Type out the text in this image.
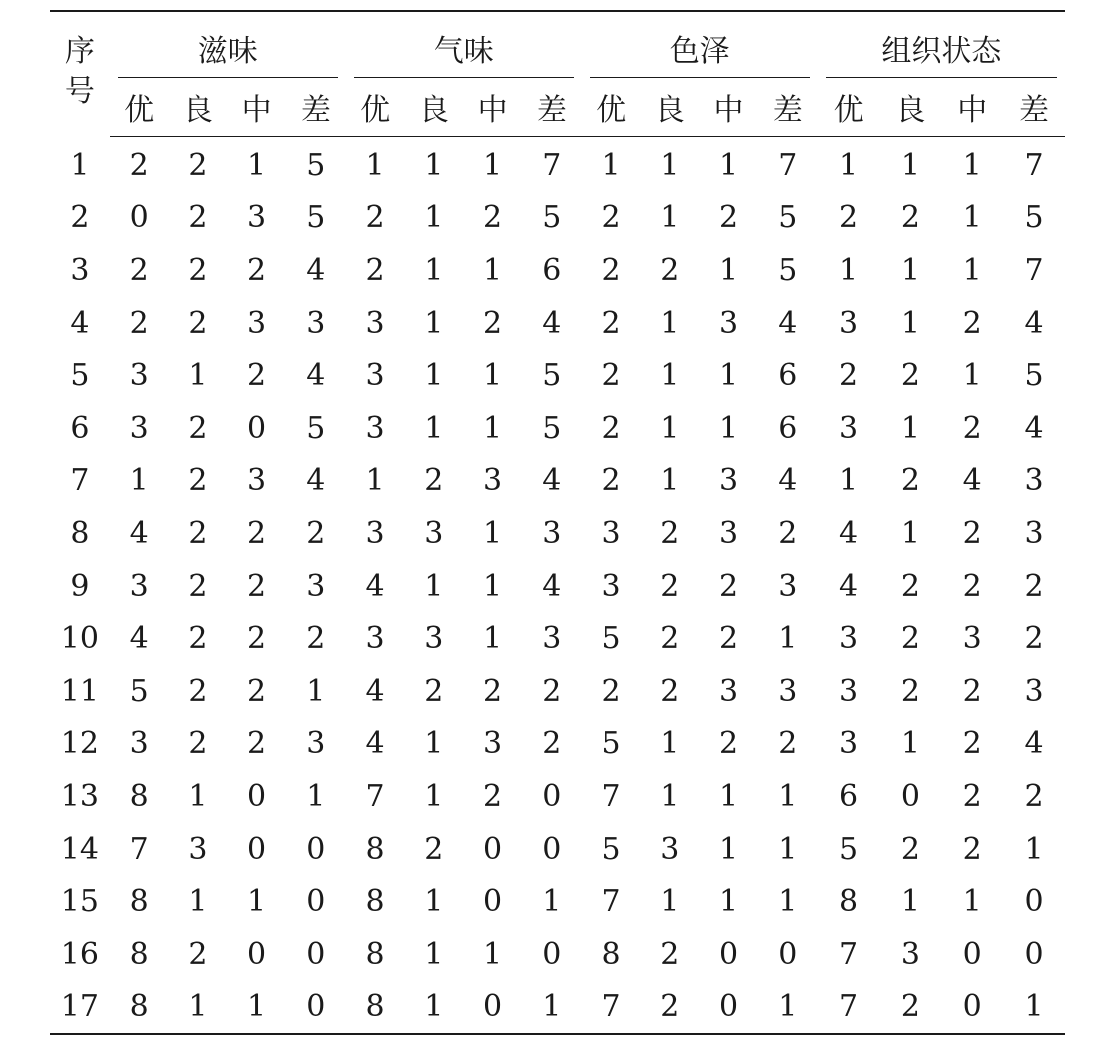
序
号	滋味				气味				色泽				组织状态			

	优	良	中	差	优	良	中	差	优	良	中	差	优	良	中	差
1	2	2	1	5	1	1	1	7	1	1	1	7	1	1	1	7
2	0	2	3	5	2	1	2	5	2	1	2	5	2	2	1	5
3	2	2	2	4	2	1	1	6	2	2	1	5	1	1	1	7
4	2	2	3	3	3	1	2	4	2	1	3	4	3	1	2	4
5	3	1	2	4	3	1	1	5	2	1	1	6	2	2	1	5
6	3	2	0	5	3	1	1	5	2	1	1	6	3	1	2	4
7	1	2	3	4	1	2	3	4	2	1	3	4	1	2	4	3
8	4	2	2	2	3	3	1	3	3	2	3	2	4	1	2	3
9	3	2	2	3	4	1	1	4	3	2	2	3	4	2	2	2
10	4	2	2	2	3	3	1	3	5	2	2	1	3	2	3	2
11	5	2	2	1	4	2	2	2	2	2	3	3	3	2	2	3
12	3	2	2	3	4	1	3	2	5	1	2	2	3	1	2	4
13	8	1	0	1	7	1	2	0	7	1	1	1	6	0	2	2
14	7	3	0	0	8	2	0	0	5	3	1	1	5	2	2	1
15	8	1	1	0	8	1	0	1	7	1	1	1	8	1	1	0
16	8	2	0	0	8	1	1	0	8	2	0	0	7	3	0	0
17	8	1	1	0	8	1	0	1	7	2	0	1	7	2	0	1
